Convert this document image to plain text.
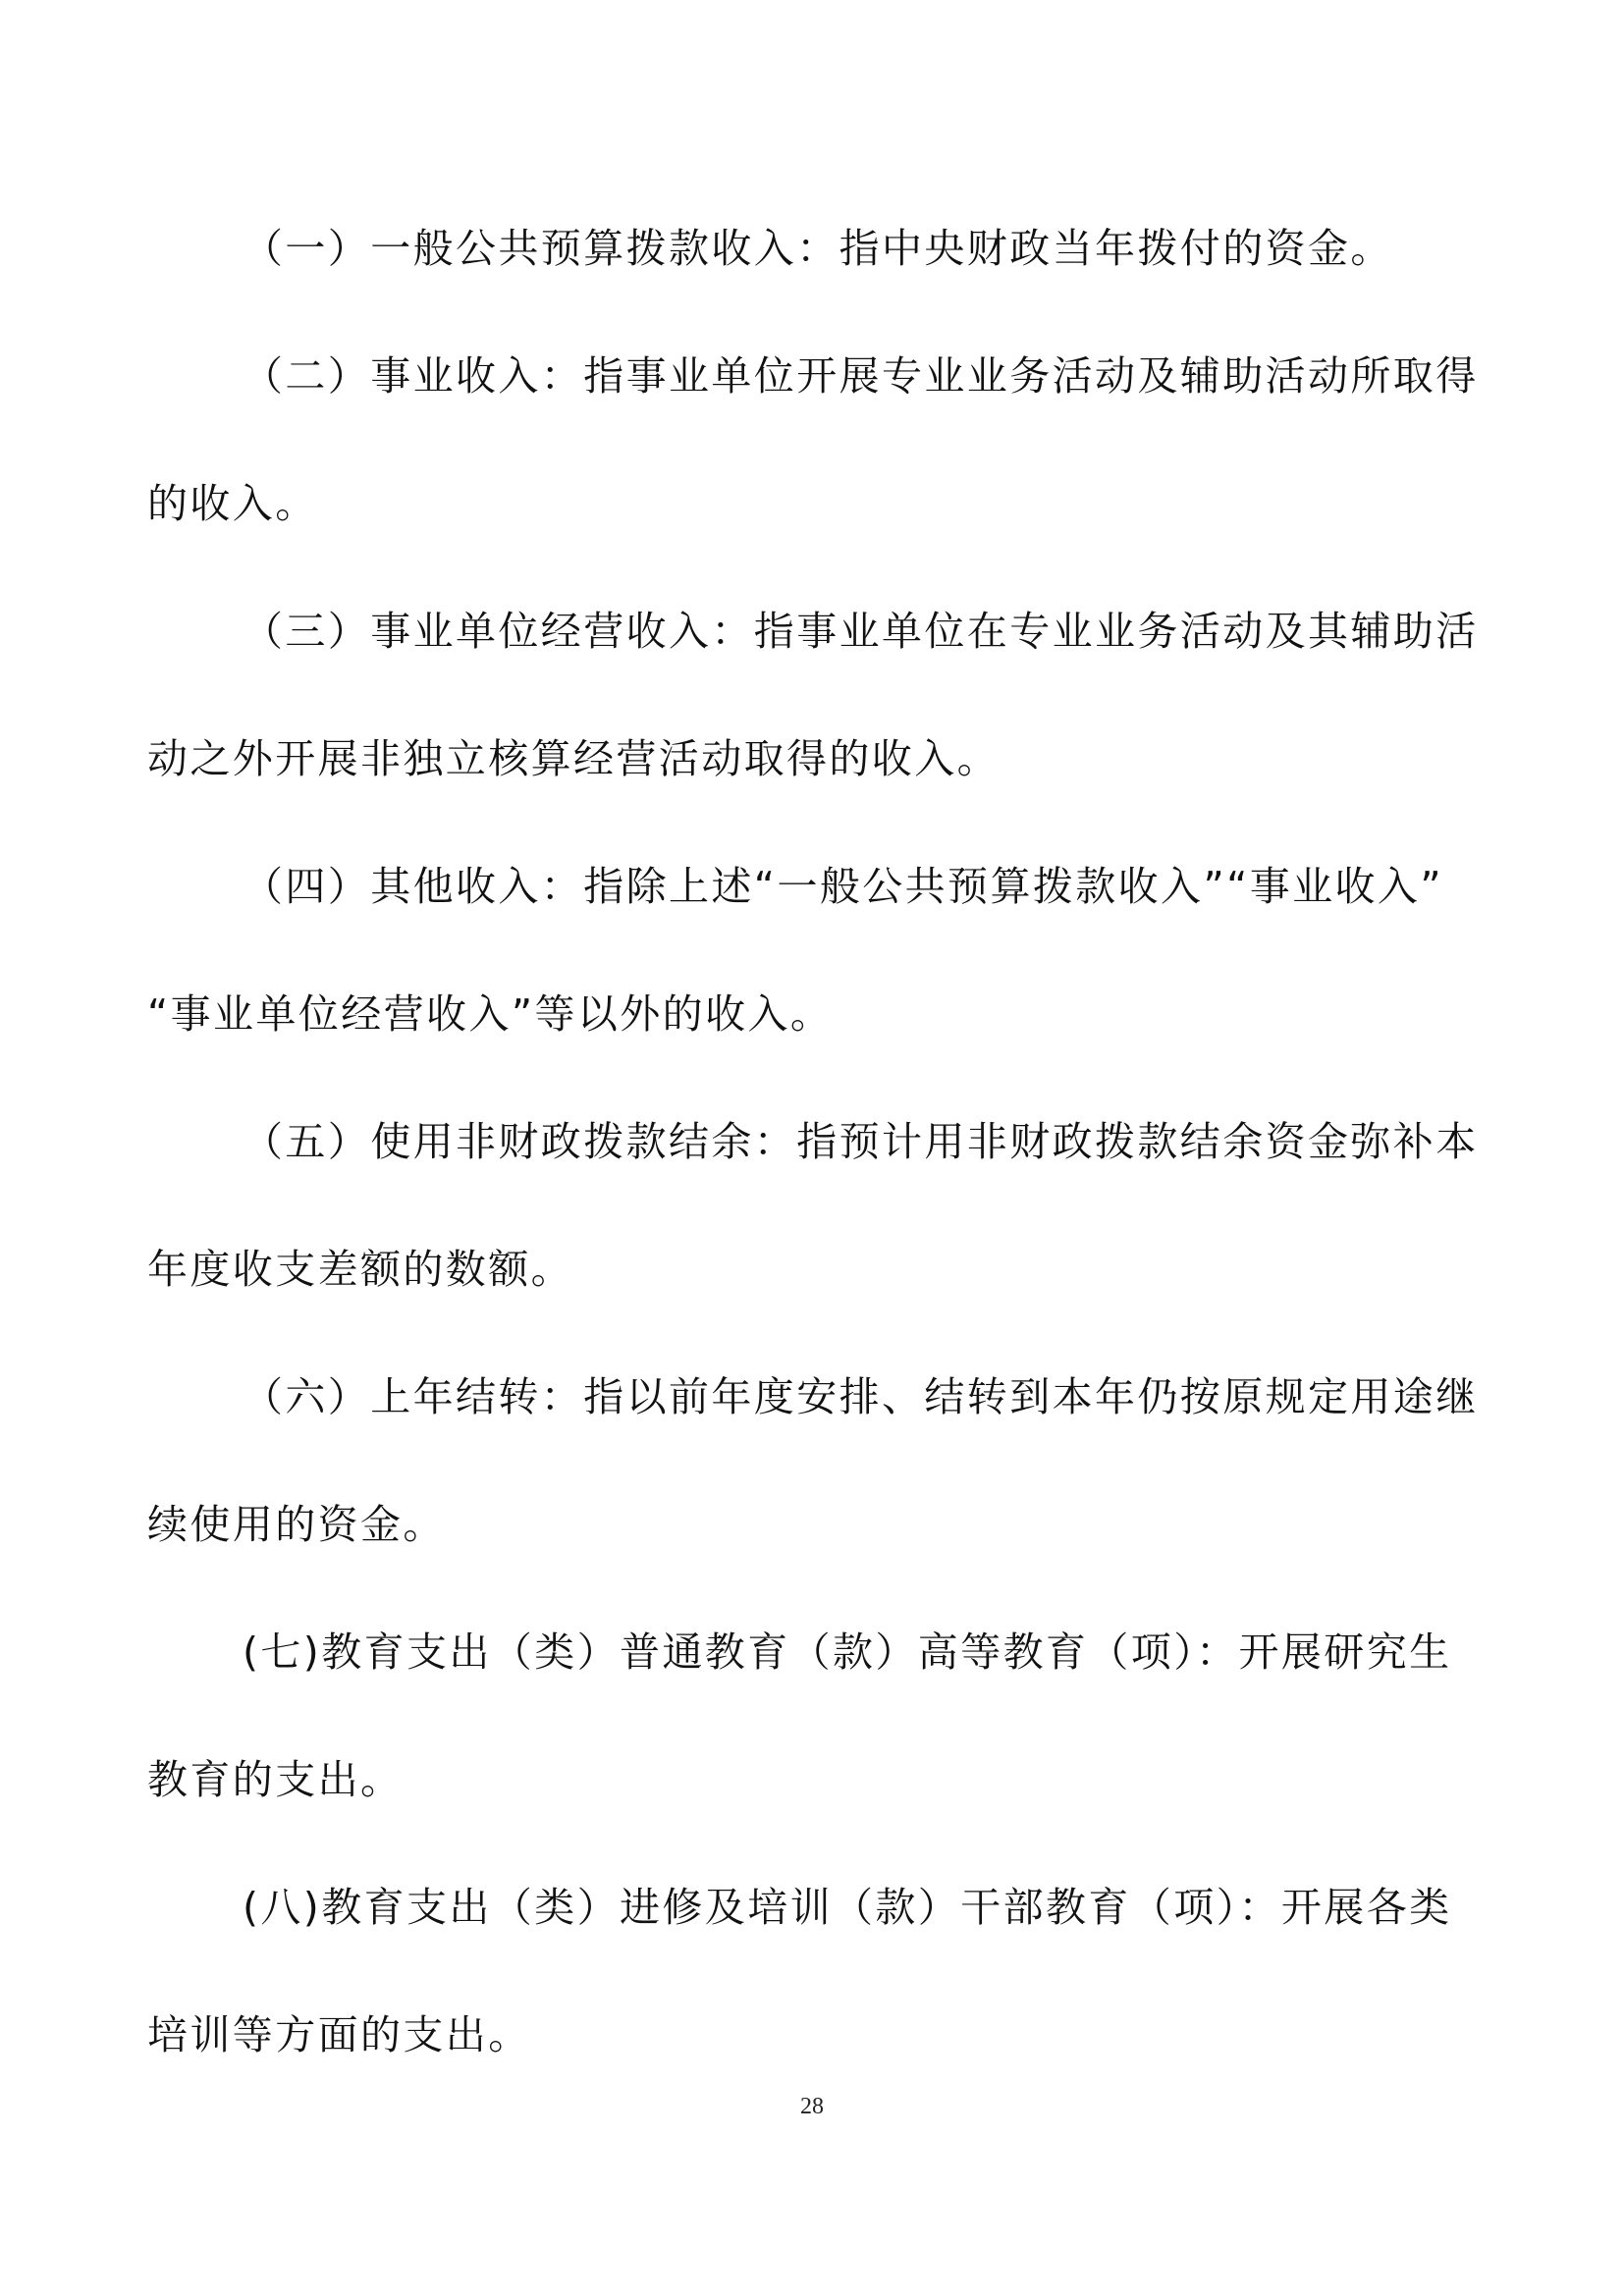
（一）一般公共预算拨款收入：指中央财政当年拨付的资金。
（二）事业收入：指事业单位开展专业业务活动及辅助活动所取得
的收入。
（三）事业单位经营收入：指事业单位在专业业务活动及其辅助活
动之外开展非独立核算经营活动取得的收入。
（四）其他收入：指除上述“一般公共预算拨款收入”“事业收入”
“事业单位经营收入”等以外的收入。
（五）使用非财政拨款结余：指预计用非财政拨款结余资金弥补本
年度收支差额的数额。
（六）上年结转：指以前年度安排、结转到本年仍按原规定用途继
续使用的资金。
(七)教育支出（类）普通教育（款）高等教育（项）：开展研究生
教育的支出。
(八)教育支出（类）进修及培训（款）干部教育（项）：开展各类
培训等方面的支出。
28
